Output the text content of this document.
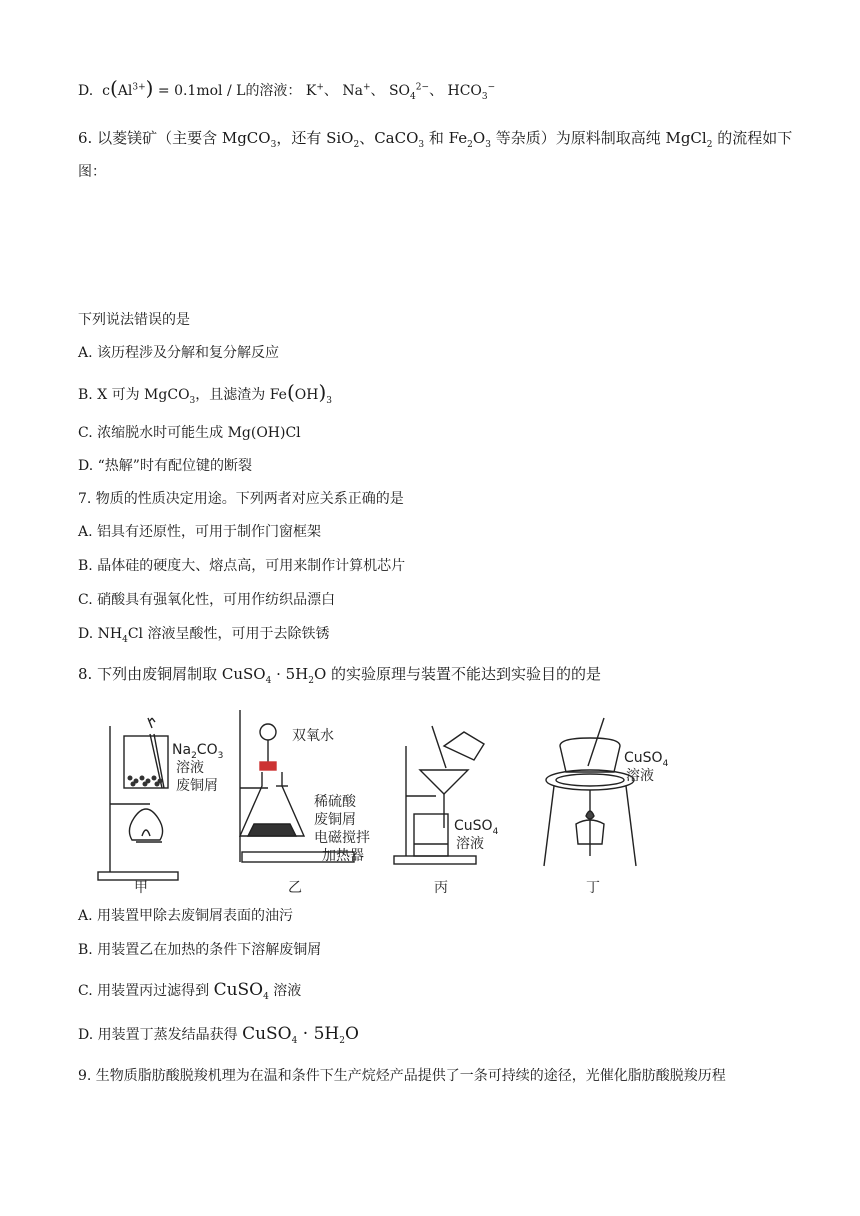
D. $c(Al^{3+}) = 0.1mol / L$的溶液： K+、 Na+、 $SO_4^{2-}$、 $HCO_3^-$
6. 以菱镁矿（主要含 MgCO$_3$，还有 SiO$_2$、CaCO$_3$ 和 $Fe_2O_3$ 等杂质）为原料制取高纯 MgCl$_2$ 的流程如下
图：
下列说法错误的是
A. 该历程涉及分解和复分解反应
B. X 可为 MgCO$_3$，且滤渣为 $Fe(OH)_3$
C. 浓缩脱水时可能生成 Mg(OH)Cl
D. “热解”时有配位键的断裂
7. 物质的性质决定用途。下列两者对应关系正确的是
A. 铝具有还原性，可用于制作门窗框架
B. 晶体硅的硬度大、熔点高，可用来制作计算机芯片
C. 硝酸具有强氧化性，可用作纺织品漂白
D. $NH_4Cl$ 溶液呈酸性，可用于去除铁锈
8. 下列由废铜屑制取 CuSO$_4$ · $5H_2O$ 的实验原理与装置不能达到实验目的的是
$Na_2CO_3$
溶液
废铜屑
双氧水
稀硫酸
废铜屑
电磁搅拌
加热器
CuSO$_4$
溶液
CuSO$_4$
溶液
甲	乙	丙	丁
A. 用装置甲除去废铜屑表面的油污
B. 用装置乙在加热的条件下溶解废铜屑
C. 用装置丙过滤得到 CuSO$_4$ 溶液
D. 用装置丁蒸发结晶获得 CuSO$_4$ · $5H_2O$
9. 生物质脂肪酸脱羧机理为在温和条件下生产烷烃产品提供了一条可持续的途径，光催化脂肪酸脱羧历程
